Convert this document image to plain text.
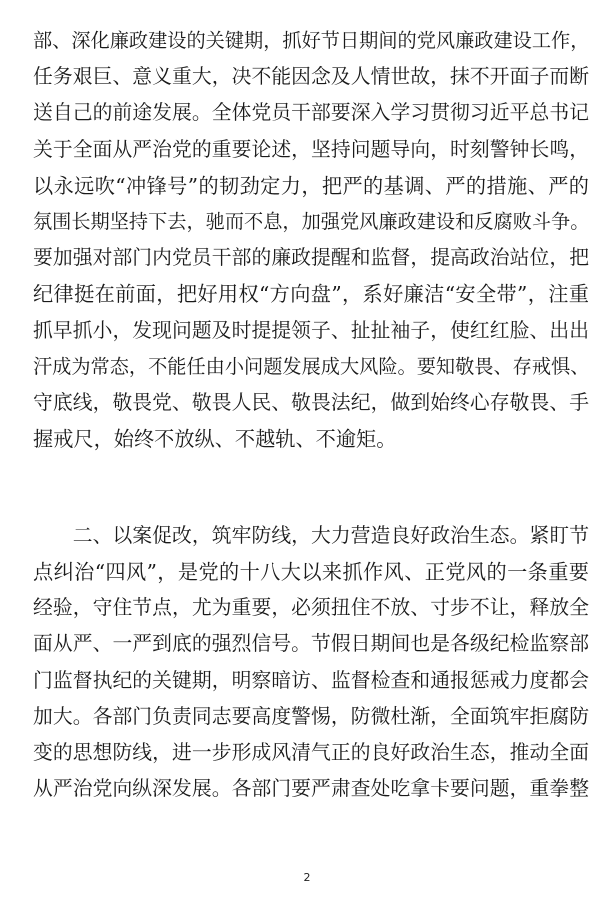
部、深化廉政建设的关键期，抓好节日期间的党风廉政建设工作，
任务艰巨、意义重大，决不能因念及人情世故，抹不开面子而断
送自己的前途发展。全体党员干部要深入学习贯彻习近平总书记
关于全面从严治党的重要论述，坚持问题导向，时刻警钟长鸣，
以永远吹“冲锋号”的韧劲定力，把严的基调、严的措施、严的
氛围长期坚持下去，驰而不息，加强党风廉政建设和反腐败斗争。
要加强对部门内党员干部的廉政提醒和监督，提高政治站位，把
纪律挺在前面，把好用权“方向盘”，系好廉洁“安全带”，注重
抓早抓小，发现问题及时提提领子、扯扯袖子，使红红脸、出出
汗成为常态，不能任由小问题发展成大风险。要知敬畏、存戒惧、
守底线，敬畏党、敬畏人民、敬畏法纪，做到始终心存敬畏、手
握戒尺，始终不放纵、不越轨、不逾矩。
　　二、以案促改，筑牢防线，大力营造良好政治生态。紧盯节
点纠治“四风”，是党的十八大以来抓作风、正党风的一条重要
经验，守住节点，尤为重要，必须扭住不放、寸步不让，释放全
面从严、一严到底的强烈信号。节假日期间也是各级纪检监察部
门监督执纪的关键期，明察暗访、监督检查和通报惩戒力度都会
加大。各部门负责同志要高度警惕，防微杜渐，全面筑牢拒腐防
变的思想防线，进一步形成风清气正的良好政治生态，推动全面
从严治党向纵深发展。各部门要严肃查处吃拿卡要问题，重拳整
2
